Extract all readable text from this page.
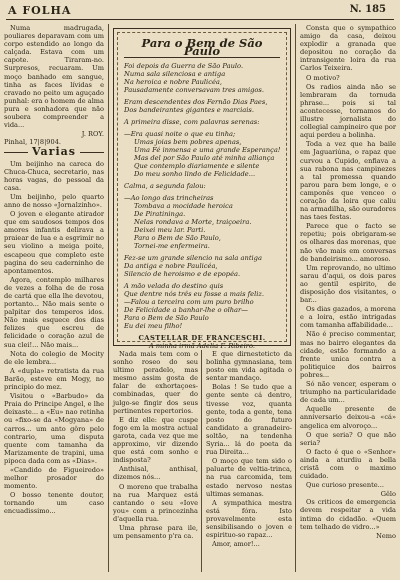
A FOLHA	N. 185

Numa madrugada, pouliares deparavam com um corpo estendido ao longo da calçada. Estava com um capote. Tiraram-no. Surpresos, recuaram. Um moço banhado em sangue, tinha as faces lívidas e cravado no peito um aguçado punhal: era o homem de alma pura e sonhadora que não soubera compreender a vida...

J. ROY.

Pinhal, 17|8|904.

Varias

Um beijinho na careca do Chuca-Chuca, secretario, nas horas vagas, do pessoal da casa.

Um beijinho, pelo quarto anno de nosso «Jornalzinho».

O joven e elegante atirador que em saudosos tempos dos amores infantis delirava a praiear de lua e a esgrimir no seu violino a meiga poite, escapeou que completo este pagina do seu caderninho de apontamentos.

Agora, contemplo milhares de vezes a folha de de rosa de cartá que ella lhe devotou, portanto... Não mais sente o palpitar dos temperos idos. Não mais esquece dos dias felizes que escreu de felicidade o coração azul de sua clei!... Não mais...

Nota do colegio de Mocity de ele lembra...

A «dupla» retratista da rua Barão, esteve em Mogy, no principio do mez.

Visitou o «Barbudo» da Praia do Principe Angel, e lhe deixaste... a «Eu» nao retinha ou «fixo-se da «Mogyana» de carros... um anto gôro pelo contrario, uma disputa quente com tamanha da Marizamente de trapini, uma pipoca dada com as «Dias».

«Candido de Figueiredo» melhor prosador do momento.

O bosso tenente doutor, tornando um caso encuadissimo...

Para o Bem de São Paulo
Foi depois da Guerra de São Paulo.
Numa sala silenciosa e antiga
Na heroica e nobre Paulicéa,
Pausadamente conversavam tres amigos.
Eram descendentes dos Fernão Dias Paes,
Dos bandeirantes gigantes e marciais.
A primeira disse, com palavras serenas:
—Era quasi noite o que eu tinha;
Umas joias bem pobres apenas,
Uma Fé inmensa e uma grande Esperança!
Mas del por São Paulo até minha alliança
Que contemplo diariamente e silente
Do meu sonho lindo de Felicidade...
Calma, a segunda falou:
—Ao longo das trincheiras
Tombava a mocidade heroica
De Piratininga.
Nelas rondava a Morte, traiçoeira.
Deixei meu lar. Parti.
Para o Bem de São Paulo,
Tornei-me enfermeira.
Fez-se um grande silencio na sala antiga
Da antiga e nobre Paulicéa,
Silencio de heroismo e de epopéa.
A mão velada do destino quis
Que dentre nós três eu fosse a mais feliz.
—Falou a terceira com um puro brilho
De Felicidade a banhar-lhe o olhar—
Para o Bem de São Paulo
Eu dei meu filho!
CASTELLAR DE FRANCESCHI.
A minha irmã Adelia F. Ribeiro.

Nada mais tem com o sonho roseo do seu ultimo peradelo, mas mesmo assim gosta de falar de exhortaçoes-combinadas, quer do julgo-se fingir dos seus pertinentes repertorios.

E diz elle: que cuspe fogo em la mostra actual garota, cada vez que me approximo, vir dizendo que está com sonho e indisposta?

Anthisal, anthisal, dizemos nós...

O moreno que trabalha na rua Marquez está cantando o seu «Iove you» com a princezinha d'aquella rua.

Uma phrase para ile, um pensamento p'ra ca.

E que dirnesteticto da bolinha gymnasiana, tem posto em vida agitada o sentar mandaço.

Bolas ! Se tudo que a gente sente cá dentro, tivesse voz, quanta gente, toda a gente, tena posto do futuro candidato a granadeiro-soltão, na tendenha Syria... lá do poeta da rua Direita...

O moço que tem sido o paluarte de veltia-trinca, na rua carcomida, tem estado nervoso nestas ultimas semanas.

A sympathica mestra está fóra. Isto provavelmente esta sensibilisando o joven e espirituo-so rapaz...

Amor, amor!...

Consta que o sympathico amigo da casa, deixou explodir a granada que depositou no coração da intransigente loira da rua Carlos Teixeira.

O motivo?

Os radios ainda não se lembraram da tornuda phrase... pois si tal acontecesse, tornamos do illustre jornalista do collegial campineiro que por aqui perdeu a bolinha.

Toda a vez que ha baile em Jaguariúna, o rapaz que curvou a Cupido, enfiava a sua rabona nas campinezes a tal promessa quando parou para bem longe, e o camponês que venceo o coração da loira que caliu na armadilha, são ouradores nas taes festas.

Parece que o facto se repetiu; pois obrigaram-se os olhares das morenas, que não vão mais em conversas de bandeirismo... amoroso.

Um reprovando, no ultimo sarau d'aqui, os dois pares ao gentil espirito, de disposição dos visitantes, o bar...

Os dias gazados, a morena e a loira, estão intrigadas com tamanha affabilidade...

Não é preciso commentar, mas no bairro elegantes da cidade, estão formando a frente unica contra a politiquice dos bairros pobres...

Só não vencer, esperam o triumpho na particularidade de cada um...

Aquelle presente de anniversario deixou-a «cá» angelica em alvoroço...

O que seria? O que não seria?

O facto é que o «Senhor» ainda a aturdiu a bella cristã com o maximo cuidado.

Que curioso presente...

Gêlo

Os criticos de emergencia devem respeitar a vida intima do cidadão. «Quem tem telhado de vidro...»

Nemo
